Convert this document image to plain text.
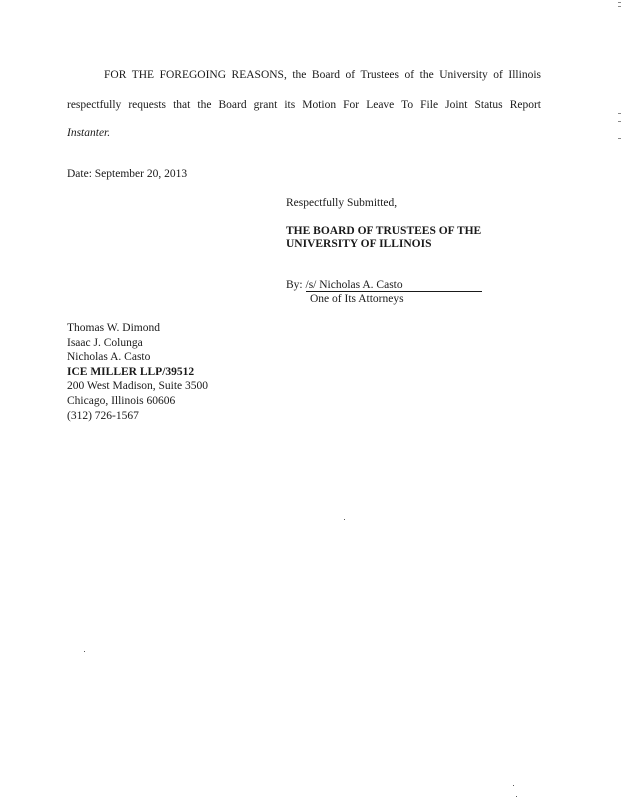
FOR THE FOREGOING REASONS, the Board of Trustees of the University of Illinois
respectfully requests that the Board grant its Motion For Leave To File Joint Status Report
Instanter.
Date: September 20, 2013
Respectfully Submitted,
THE BOARD OF TRUSTEES OF THE
UNIVERSITY OF ILLINOIS
By: /s/ Nicholas A. Casto
One of Its Attorneys
Thomas W. Dimond
Isaac J. Colunga
Nicholas A. Casto
ICE MILLER LLP/39512
200 West Madison, Suite 3500
Chicago, Illinois 60606
(312) 726-1567
